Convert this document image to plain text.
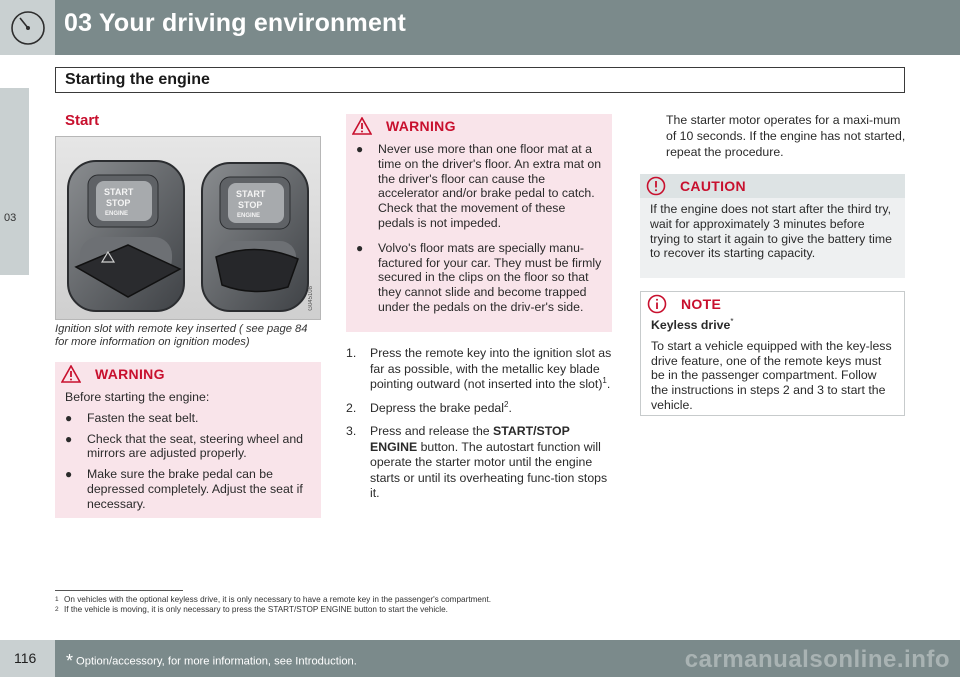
03 Your driving environment
Starting the engine
03
Start
START
STOP
ENGINE
START
STOP
ENGINE
G045108
Ignition slot with remote key inserted ( see page 84 for more information on ignition modes)
WARNING
Before starting the engine:
●	Fasten the seat belt.
●	Check that the seat, steering wheel and mirrors are adjusted properly.
●	Make sure the brake pedal can be depressed completely. Adjust the seat if necessary.
WARNING
●	Never use more than one floor mat at a time on the driver's floor. An extra mat on the driver's floor can cause the accelerator and/or brake pedal to catch. Check that the movement of these pedals is not impeded.
●	Volvo's floor mats are specially manu-factured for your car. They must be firmly secured in the clips on the floor so that they cannot slide and become trapped under the pedals on the driv-er's side.
1.	Press the remote key into the ignition slot as far as possible, with the metallic key blade pointing outward (not inserted into the slot)$^1$.
2.	Depress the brake pedal$^2$.
3.	Press and release the START/STOP ENGINE button. The autostart function will operate the starter motor until the engine starts or until its overheating func-tion stops it.
The starter motor operates for a maxi-mum of 10 seconds. If the engine has not started, repeat the procedure.
CAUTION
If the engine does not start after the third try, wait for approximately 3 minutes before trying to start it again to give the battery time to recover its starting capacity.
NOTE
Keyless drive*
To start a vehicle equipped with the key-less drive feature, one of the remote keys must be in the passenger compartment. Follow the instructions in steps 2 and 3 to start the vehicle.
1 On vehicles with the optional keyless drive, it is only necessary to have a remote key in the passenger's compartment.
2 If the vehicle is moving, it is only necessary to press the START/STOP ENGINE button to start the vehicle.
116 * Option/accessory, for more information, see Introduction.	carmanualsonline.info
